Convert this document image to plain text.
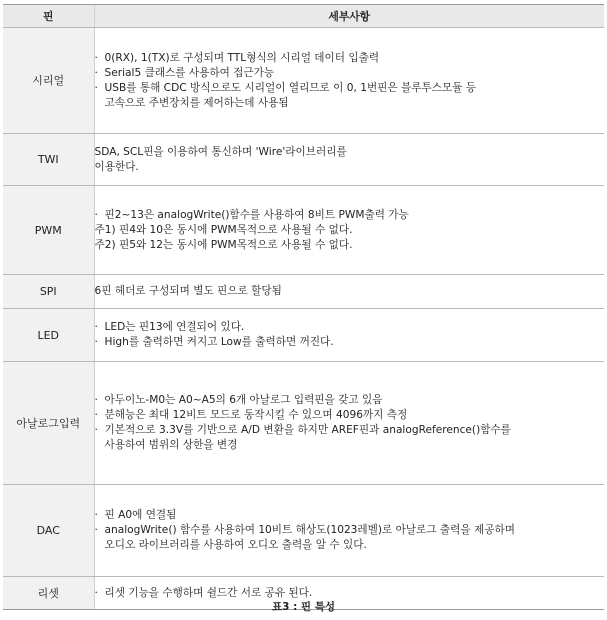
핀	세부사항
시리얼	· 0(RX), 1(TX)로 구성되며 TTL형식의 시리얼 데이터 입출력
· Serial5 클래스를 사용하여 접근가능
· USB를 통해 CDC 방식으로도 시리얼이 열리므로 이 0, 1번핀은 블루투스모듈 등
고속으로 주변장치를 제어하는데 사용됨

TWI	SDA, SCL핀을 이용하여 통신하며 'Wire'라이브러리를
이용한다.

PWM	· 핀2~13은 analogWrite()함수를 사용하여 8비트 PWM출력 가능
주1) 핀4와 10은 동시에 PWM목적으로 사용될 수 없다.
주2) 핀5와 12는 동시에 PWM목적으로 사용될 수 없다.

SPI	6핀 헤더로 구성되며 별도 핀으로 할당됨

LED	· LED는 핀13에 연결되어 있다.
· High를 출력하면 켜지고 Low를 출력하면 꺼진다.

아날로그입력	· 아두이노-M0는 A0~A5의 6개 아날로그 입력핀을 갖고 있음
· 분해능은 최대 12비트 모드로 동작시킬 수 있으며 4096까지 측정
· 기본적으로 3.3V를 기반으로 A/D 변환을 하지만 AREF핀과 analogReference()함수를
사용하여 범위의 상한을 변경

DAC	· 핀 A0에 연결됨
· analogWrite() 함수를 사용하여 10비트 해상도(1023레벨)로 아날로그 출력을 제공하며
오디오 라이브러리를 사용하여 오디오 출력을 알 수 있다.

리셋	· 리셋 기능을 수행하며 쉴드간 서로 공유 된다.
표3 : 핀 특성
